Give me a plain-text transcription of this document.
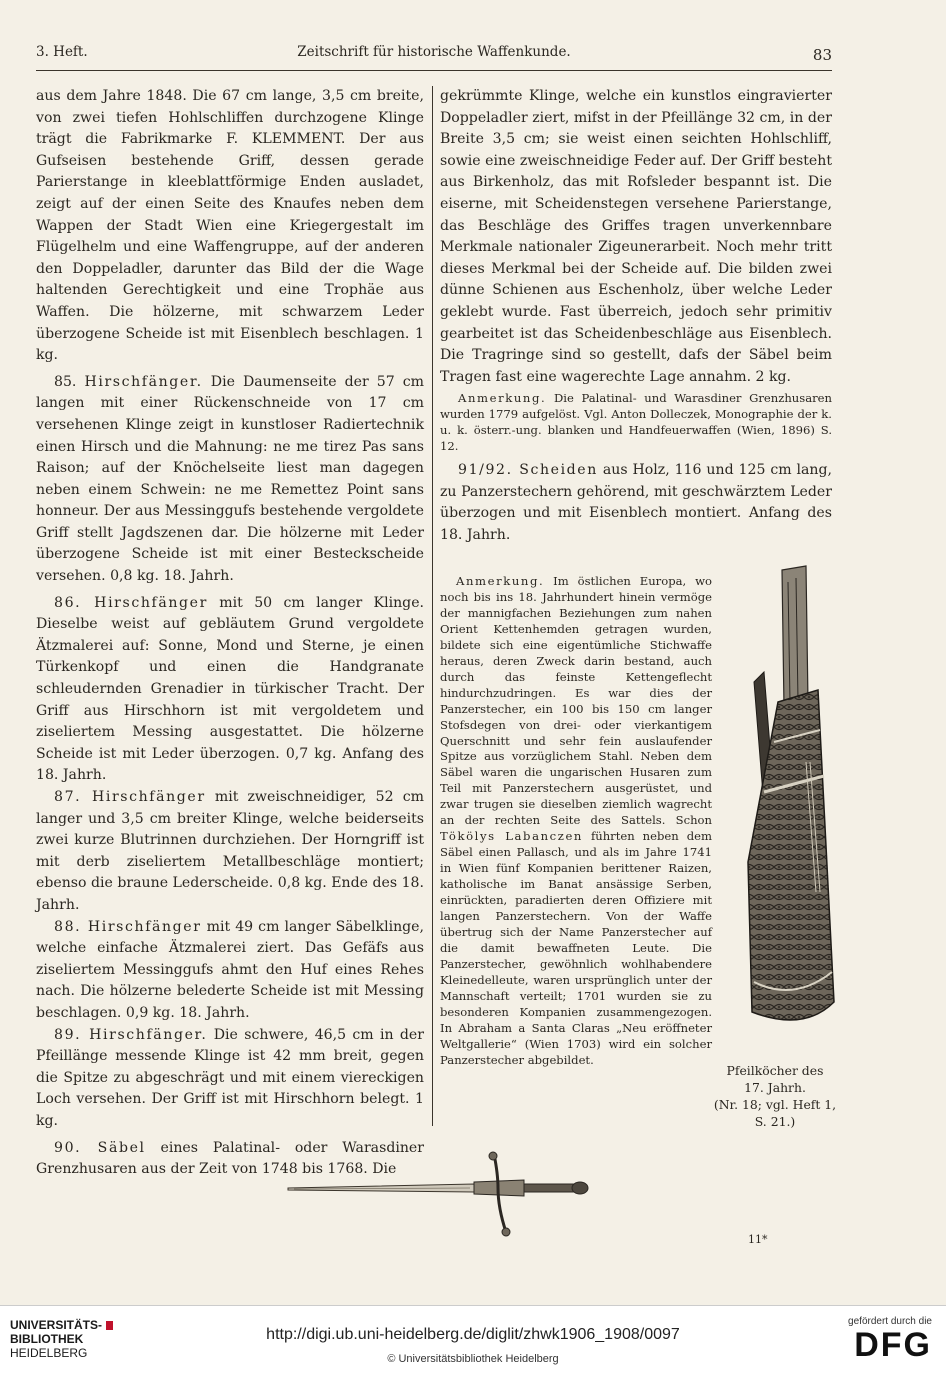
3. Heft.	Zeitschrift für historische Waffenkunde.	83

aus dem Jahre 1848. Die 67 cm lange, 3,5 cm breite, von zwei tiefen Hohlschliffen durchzogene Klinge trägt die Fabrikmarke F. KLEMMENT. Der aus Gufseisen bestehende Griff, dessen gerade Parierstange in kleeblattförmige Enden ausladet, zeigt auf der einen Seite des Knaufes neben dem Wappen der Stadt Wien eine Kriegergestalt im Flügelhelm und eine Waffengruppe, auf der anderen den Doppeladler, darunter das Bild der die Wage haltenden Gerechtigkeit und eine Trophäe aus Waffen. Die hölzerne, mit schwarzem Leder überzogene Scheide ist mit Eisenblech beschlagen. 1 kg.

85. Hirschfänger. Die Daumenseite der 57 cm langen mit einer Rückenschneide von 17 cm versehenen Klinge zeigt in kunstloser Radiertechnik einen Hirsch und die Mahnung: ne me tirez Pas sans Raison; auf der Knöchelseite liest man dagegen neben einem Schwein: ne me Remettez Point sans honneur. Der aus Messinggufs bestehende vergoldete Griff stellt Jagdszenen dar. Die hölzerne mit Leder überzogene Scheide ist mit einer Besteckscheide versehen. 0,8 kg. 18. Jahrh.

86. Hirschfänger mit 50 cm langer Klinge. Dieselbe weist auf gebläutem Grund vergoldete Ätzmalerei auf: Sonne, Mond und Sterne, je einen Türkenkopf und einen die Handgranate schleudernden Grenadier in türkischer Tracht. Der Griff aus Hirschhorn ist mit vergoldetem und ziseliertem Messing ausgestattet. Die hölzerne Scheide ist mit Leder überzogen. 0,7 kg. Anfang des 18. Jahrh.

87. Hirschfänger mit zweischneidiger, 52 cm langer und 3,5 cm breiter Klinge, welche beiderseits zwei kurze Blutrinnen durchziehen. Der Horngriff ist mit derb ziseliertem Metallbeschläge montiert; ebenso die braune Lederscheide. 0,8 kg. Ende des 18. Jahrh.

88. Hirschfänger mit 49 cm langer Säbelklinge, welche einfache Ätzmalerei ziert. Das Gefäfs aus ziseliertem Messinggufs ahmt den Huf eines Rehes nach. Die hölzerne belederte Scheide ist mit Messing beschlagen. 0,9 kg. 18. Jahrh.

89. Hirschfänger. Die schwere, 46,5 cm in der Pfeillänge messende Klinge ist 42 mm breit, gegen die Spitze zu abgeschrägt und mit einem viereckigen Loch versehen. Der Griff ist mit Hirschhorn belegt. 1 kg.

90. Säbel eines Palatinal- oder Warasdiner Grenzhusaren aus der Zeit von 1748 bis 1768. Die

gekrümmte Klinge, welche ein kunstlos eingravierter Doppeladler ziert, mifst in der Pfeillänge 32 cm, in der Breite 3,5 cm; sie weist einen seichten Hohlschliff, sowie eine zweischneidige Feder auf. Der Griff besteht aus Birkenholz, das mit Rofsleder bespannt ist. Die eiserne, mit Scheidenstegen versehene Parierstange, das Beschläge des Griffes tragen unverkennbare Merkmale nationaler Zigeunerarbeit. Noch mehr tritt dieses Merkmal bei der Scheide auf. Die bilden zwei dünne Schienen aus Eschenholz, über welche Leder geklebt wurde. Fast überreich, jedoch sehr primitiv gearbeitet ist das Scheidenbeschläge aus Eisenblech. Die Tragringe sind so gestellt, dafs der Säbel beim Tragen fast eine wagerechte Lage annahm. 2 kg.

Anmerkung. Die Palatinal- und Warasdiner Grenzhusaren wurden 1779 aufgelöst. Vgl. Anton Dolleczek, Monographie der k. u. k. österr.-ung. blanken und Handfeuerwaffen (Wien, 1896) S. 12.

91/92. Scheiden aus Holz, 116 und 125 cm lang, zu Panzerstechern gehörend, mit geschwärztem Leder überzogen und mit Eisenblech montiert. Anfang des 18. Jahrh.

Anmerkung. Im östlichen Europa, wo noch bis ins 18. Jahrhundert hinein vermöge der mannigfachen Beziehungen zum nahen Orient Kettenhemden getragen wurden, bildete sich eine eigentümliche Stichwaffe heraus, deren Zweck darin bestand, auch durch das feinste Kettengeflecht hindurchzudringen. Es war dies der Panzerstecher, ein 100 bis 150 cm langer Stofsdegen von drei- oder vierkantigem Querschnitt und sehr fein auslaufender Spitze aus vorzüglichem Stahl. Neben dem Säbel waren die ungarischen Husaren zum Teil mit Panzerstechern ausgerüstet, und zwar trugen sie dieselben ziemlich wagrecht an der rechten Seite des Sattels. Schon Tökölys Labanczen führten neben dem Säbel einen Pallasch, und als im Jahre 1741 in Wien fünf Kompanien berittener Raizen, katholische im Banat ansässige Serben, einrückten, paradierten deren Offiziere mit langen Panzerstechern. Von der Waffe übertrug sich der Name Panzerstecher auf die damit bewaffneten Leute. Die Panzerstecher, gewöhnlich wohlhabendere Kleinedelleute, waren ursprünglich unter der Mannschaft verteilt; 1701 wurden sie zu besonderen Kompanien zusammengezogen. In Abraham a Santa Claras „Neu eröffneter Weltgallerie“ (Wien 1703) wird ein solcher Panzerstecher abgebildet.

Pfeilköcher des
17. Jahrh.
(Nr. 18; vgl. Heft 1,
S. 21.)
11*
UNIVERSITÄTS-
BIBLIOTHEK
HEIDELBERG
http://digi.ub.uni-heidelberg.de/diglit/zhwk1906_1908/0097
© Universitätsbibliothek Heidelberg
gefördert durch die
DFG
